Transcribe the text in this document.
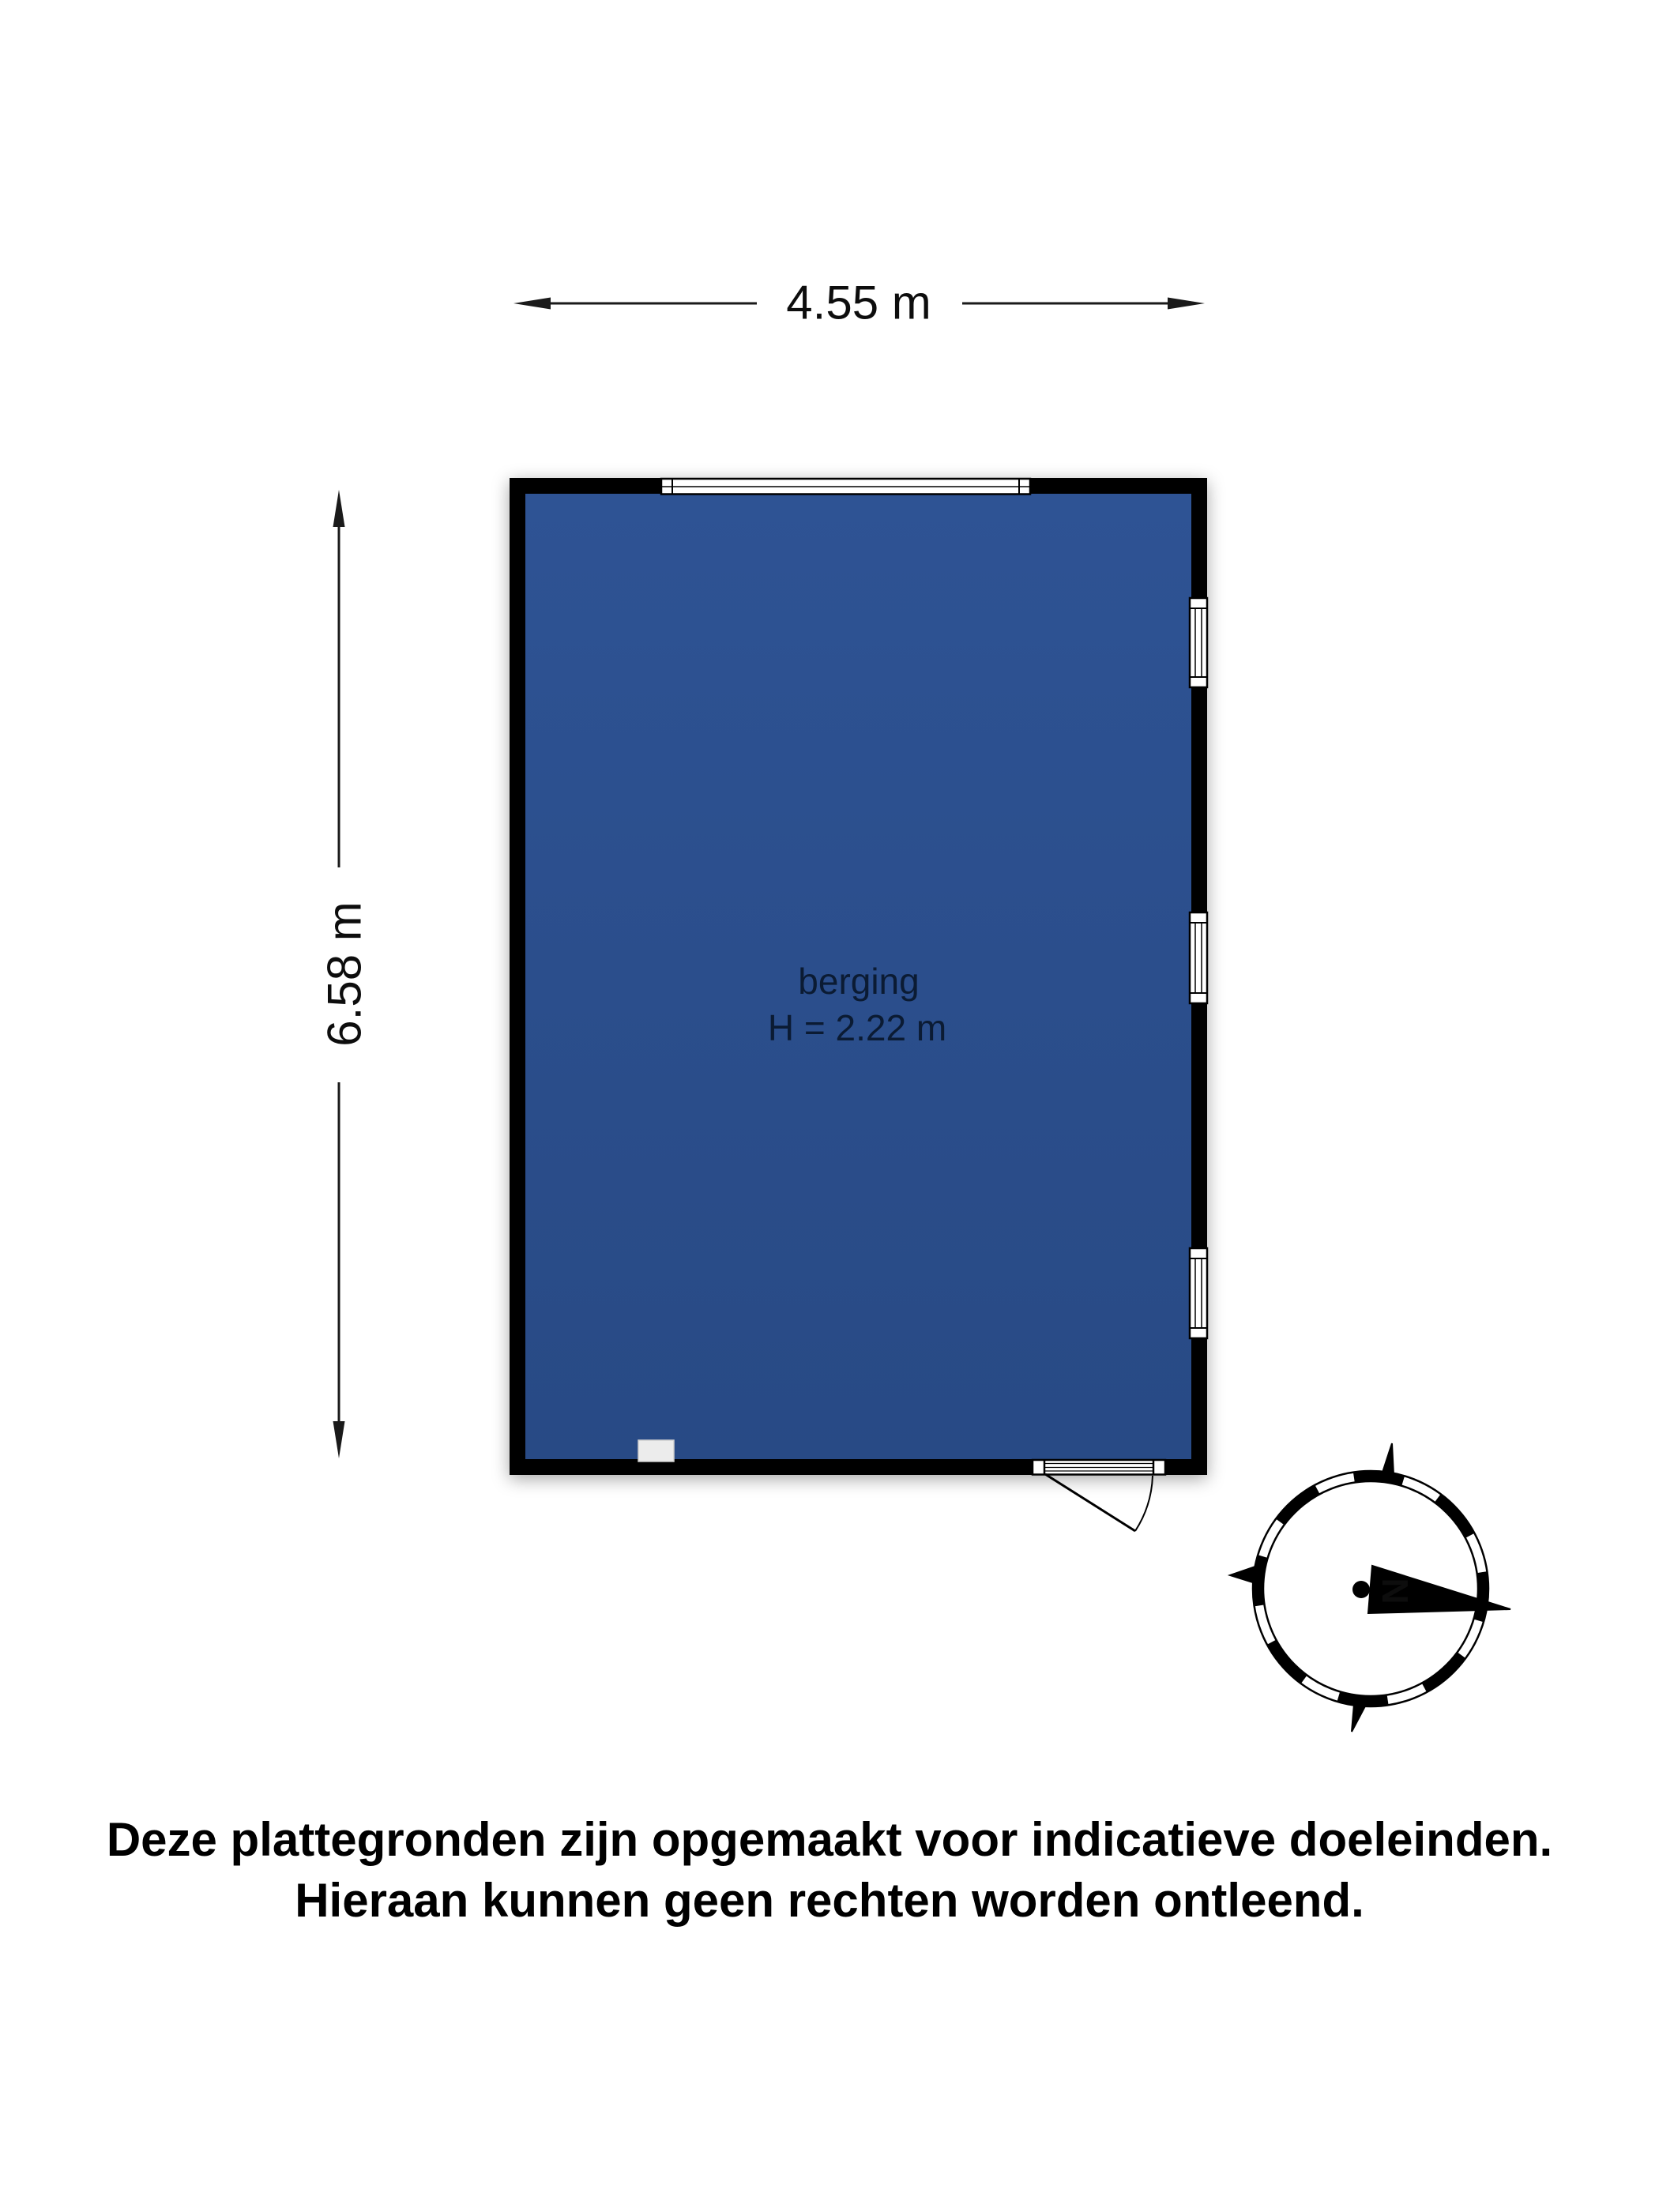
4.55 m
6.58 m	berging
H = 2.22 m
N
Deze plattegronden zijn opgemaakt voor indicatieve doeleinden.
Hieraan kunnen geen rechten worden ontleend.
